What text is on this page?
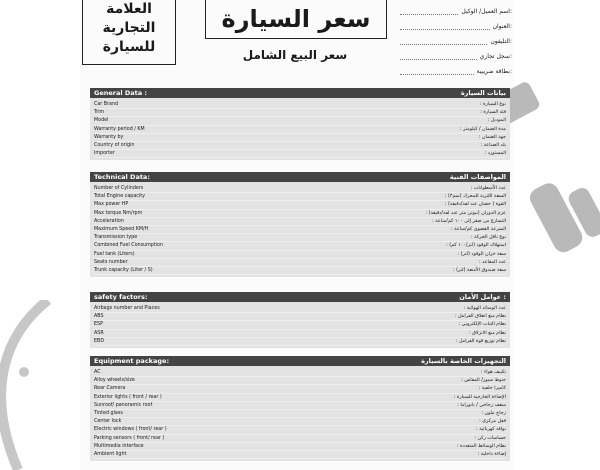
العلامة
التجارية
للسيارة
سعر السيارة
سعر البيع الشامل
اسم العميل/ الوكيل:
العنوان:
التليفون:
سجل تجاري:
بطاقة ضريبية:
General Data :	بيانات السيارة
Car Brand	نوع السيارة :
Trim	فئة السيارة :
Model	الموديل :
Warranty period / KM	مدة الضمان / كيلومتر :
Warranty by	جهة الضمان :
Country of origin	بلد الصناعة :
Importer	المستورد :
Technical Data:	المواصفات الفنية
Number of Cylinders	عدد الأسطوانات :
Total Engine capacity	السعة اللترية للمحرك (سم٣) :
Max power HP	القوة ( حصان عند لفة/دقيقة) :
Max torque Nm/rpm	عزم الدوران (نيوتن متر عند لفة/دقيقة) :
Acceleration	التسارع من صفر إلى ١٠٠ كم/ساعة :
Maximum Speed KM/H	السرعة القصوى كم/ساعة :
Transmission type	نوع ناقل الحركة :
Combined Fuel Consumption	استهلاك الوقود (لتر/١٠٠ كم) :
Fuel tank (Liters)	سعة خزان الوقود (لتر) :
Seats number	عدد المقاعد :
Trunk capacity (Liter / S)	سعة صندوق الأمتعة (لتر) :
safety factors:	عوامل الأمان :
Airbags number and Places	عدد الوسائد الهوائية :
ABS	نظام منع انغلاق الفرامل :
ESP	نظام الثبات الإلكتروني :
ASR	نظام منع الانزلاق :
EBD	نظام توزيع قوة الفرامل :
Equipment package:	التجهيزات الخاصة بالسيارة
AC	تكييف هواء :
Alloy wheels/size	جنوط سبور/ المقاس :
Rear Camera	كاميرا خلفية :
Exterior lights ( front / rear )	الإضاءة الخارجية للسيارة :
Sunroof/ panoramic roof	سقف زجاجي / بانوراما :
Tinted glass	زجاج ملون :
Center lock	قفل مركزي :
Electric windows ( front/ rear )	نوافذ كهربائية :
Parking sensors ( front/ rear )	حساسات ركن :
Multimedia interface	نظام الوسائط المتعددة :
Ambient light	إضاءة داخلية :
